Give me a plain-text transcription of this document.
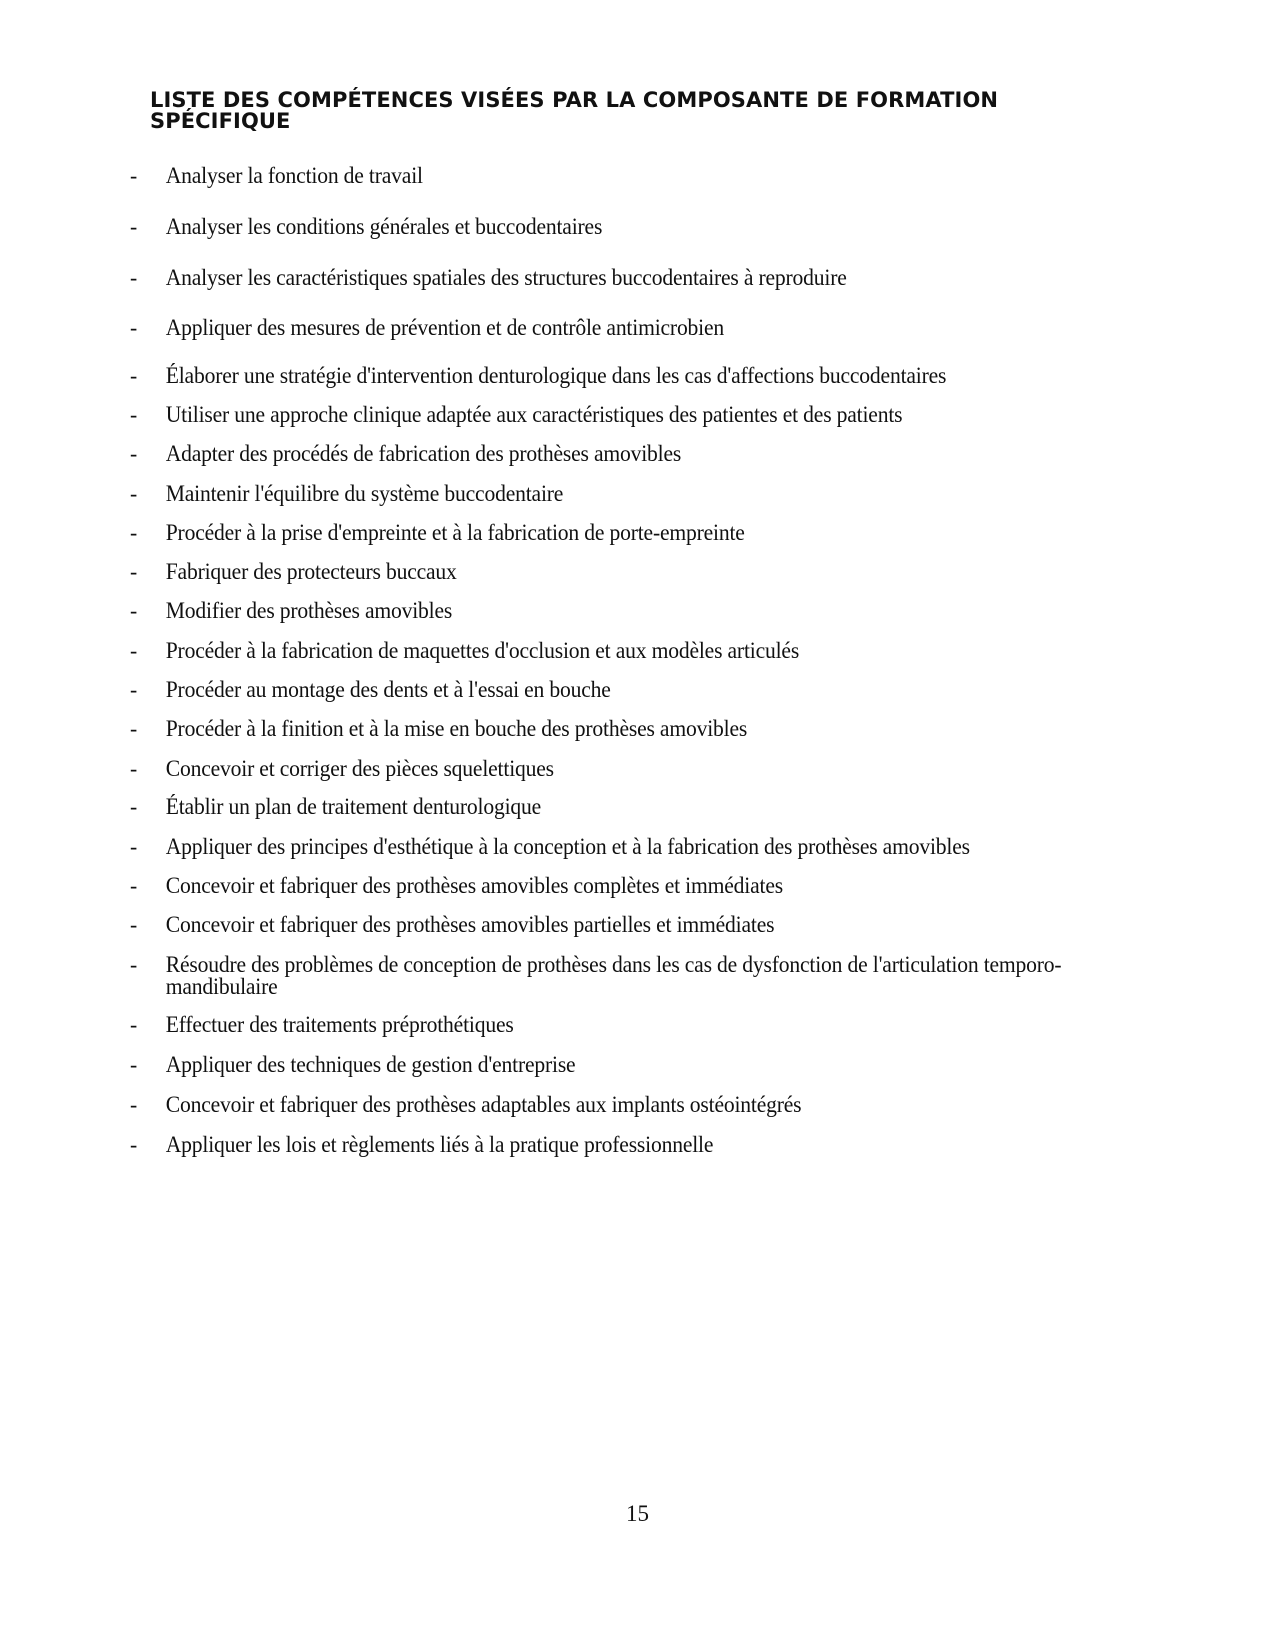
LISTE DES COMPÉTENCES VISÉES PAR LA COMPOSANTE DE FORMATION
SPÉCIFIQUE
- Analyser la fonction de travail
- Analyser les conditions générales et buccodentaires
- Analyser les caractéristiques spatiales des structures buccodentaires à reproduire
- Appliquer des mesures de prévention et de contrôle antimicrobien
- Élaborer une stratégie d'intervention denturologique dans les cas d'affections buccodentaires
- Utiliser une approche clinique adaptée aux caractéristiques des patientes et des patients
- Adapter des procédés de fabrication des prothèses amovibles
- Maintenir l'équilibre du système buccodentaire
- Procéder à la prise d'empreinte et à la fabrication de porte-empreinte
- Fabriquer des protecteurs buccaux
- Modifier des prothèses amovibles
- Procéder à la fabrication de maquettes d'occlusion et aux modèles articulés
- Procéder au montage des dents et à l'essai en bouche
- Procéder à la finition et à la mise en bouche des prothèses amovibles
- Concevoir et corriger des pièces squelettiques
- Établir un plan de traitement denturologique
- Appliquer des principes d'esthétique à la conception et à la fabrication des prothèses amovibles
- Concevoir et fabriquer des prothèses amovibles complètes et immédiates
- Concevoir et fabriquer des prothèses amovibles partielles et immédiates
- Résoudre des problèmes de conception de prothèses dans les cas de dysfonction de l'articulation temporo-mandibulaire
- Effectuer des traitements préprothétiques
- Appliquer des techniques de gestion d'entreprise
- Concevoir et fabriquer des prothèses adaptables aux implants ostéointégrés
- Appliquer les lois et règlements liés à la pratique professionnelle
15
